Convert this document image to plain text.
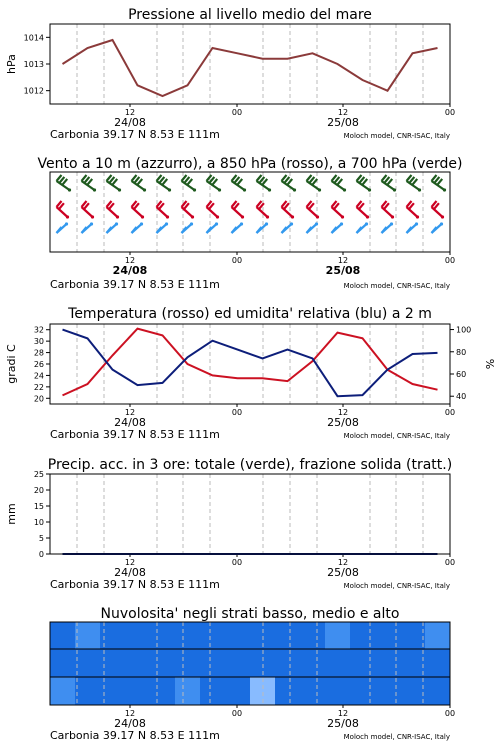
Pressione al livello medio del mare
hPa
1012
1013
1014
12	00	12	00
24/08	25/08
Carbonia 39.17 N 8.53 E 111m	Moloch model, CNR-ISAC, Italy
Vento a 10 m (azzurro), a 850 hPa (rosso), a 700 hPa (verde)
12	00	12	00
24/08	25/08
Carbonia 39.17 N 8.53 E 111m	Moloch model, CNR-ISAC, Italy
Temperatura (rosso) ed umidita' relativa (blu) a 2 m
gradi C	%
20
22
24
26
28
30
32
40
60
80
100
12	00	12	00
24/08	25/08
Carbonia 39.17 N 8.53 E 111m	Moloch model, CNR-ISAC, Italy
Precip. acc. in 3 ore: totale (verde), frazione solida (tratt.)
mm
0
5
10
15
20
25
12	00	12	00
24/08	25/08
Carbonia 39.17 N 8.53 E 111m	Moloch model, CNR-ISAC, Italy
Nuvolosita' negli strati basso, medio e alto
12	00	12	00
24/08	25/08
Carbonia 39.17 N 8.53 E 111m	Moloch model, CNR-ISAC, Italy
